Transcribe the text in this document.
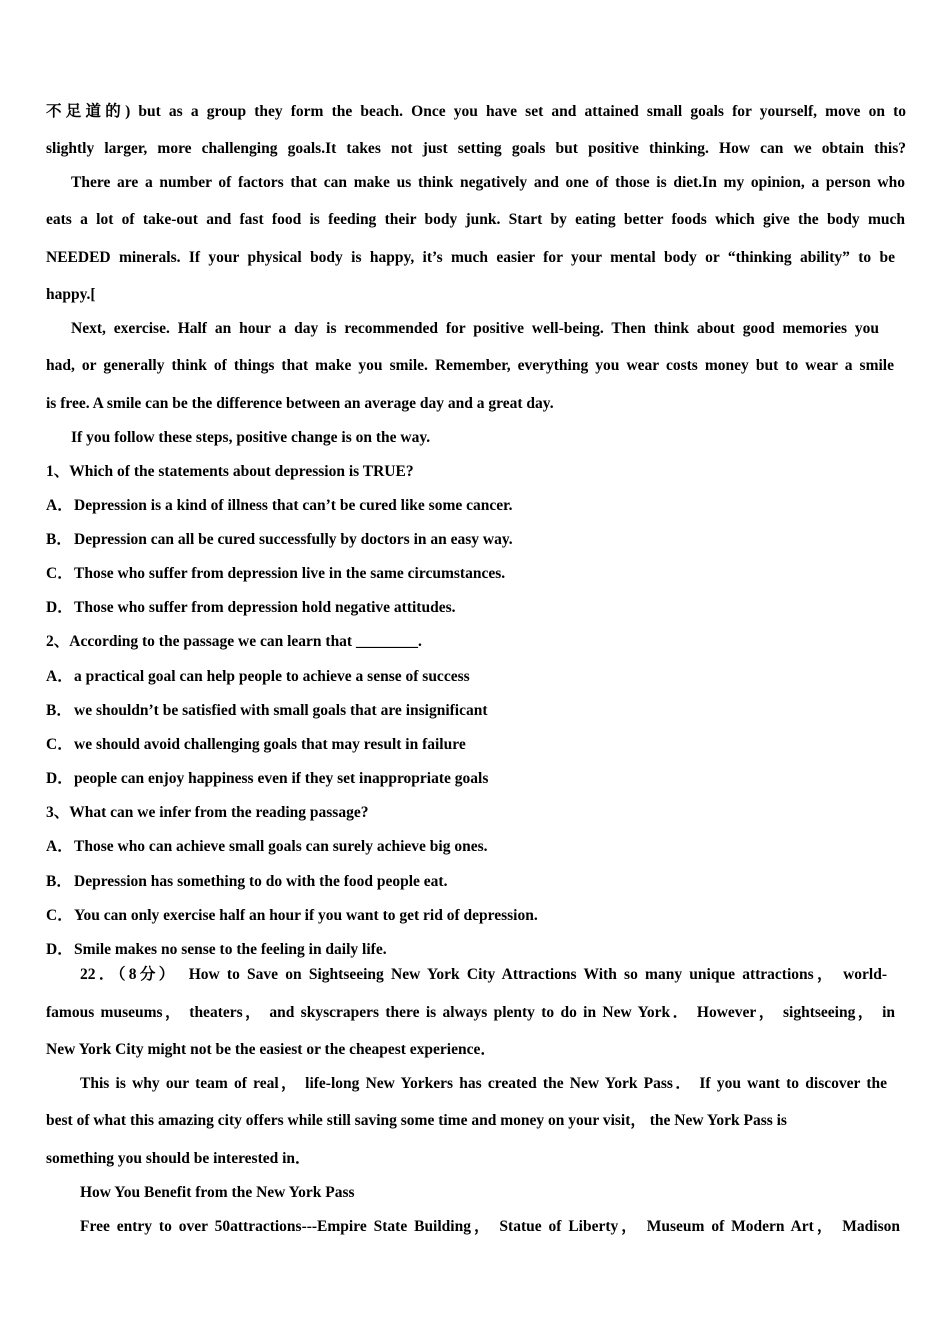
不足道的) but as a group they form the beach. Once you have set and attained small goals for yourself, move on to
slightly larger, more challenging goals.It takes not just setting goals but positive thinking. How can we obtain this?
There are a number of factors that can make us think negatively and one of those is diet.In my opinion, a person who
eats a lot of take-out and fast food is feeding their body junk. Start by eating better foods which give the body much
NEEDED minerals. If your physical body is happy, it’s much easier for your mental body or “thinking ability” to be
happy.[
Next, exercise. Half an hour a day is recommended for positive well-being. Then think about good memories you
had, or generally think of things that make you smile. Remember, everything you wear costs money but to wear a smile
is free. A smile can be the difference between an average day and a great day.
If you follow these steps, positive change is on the way.
1、Which of the statements about depression is TRUE?
A．Depression is a kind of illness that can’t be cured like some cancer.
B． Depression can all be cured successfully by doctors in an easy way.
C．Those who suffer from depression live in the same circumstances.
D．Those who suffer from depression hold negative attitudes.
2、According to the passage we can learn that ________.
A．a practical goal can help people to achieve a sense of success
B． we shouldn’t be satisfied with small goals that are insignificant
C．we should avoid challenging goals that may result in failure
D．people can enjoy happiness even if they set inappropriate goals
3、What can we infer from the reading passage?
A．Those who can achieve small goals can surely achieve big ones.
B． Depression has something to do with the food people eat.
C．You can only exercise half an hour if you want to get rid of depression.
D．Smile makes no sense to the feeling in daily life.
22．（8分）　How to Save on Sightseeing New York City Attractions With so many unique attractions， world-
famous museums， theaters， and skyscrapers there is always plenty to do in New York． However， sightseeing， in
New York City might not be the easiest or the cheapest experience．
This is why our team of real， life-long New Yorkers has created the New York Pass． If you want to discover the
best of what this amazing city offers while still saving some time and money on your visit， the New York Pass is
something you should be interested in．
How You Benefit from the New York Pass
Free entry to over 50attractions---Empire State Building， Statue of Liberty， Museum of Modern Art， Madison
